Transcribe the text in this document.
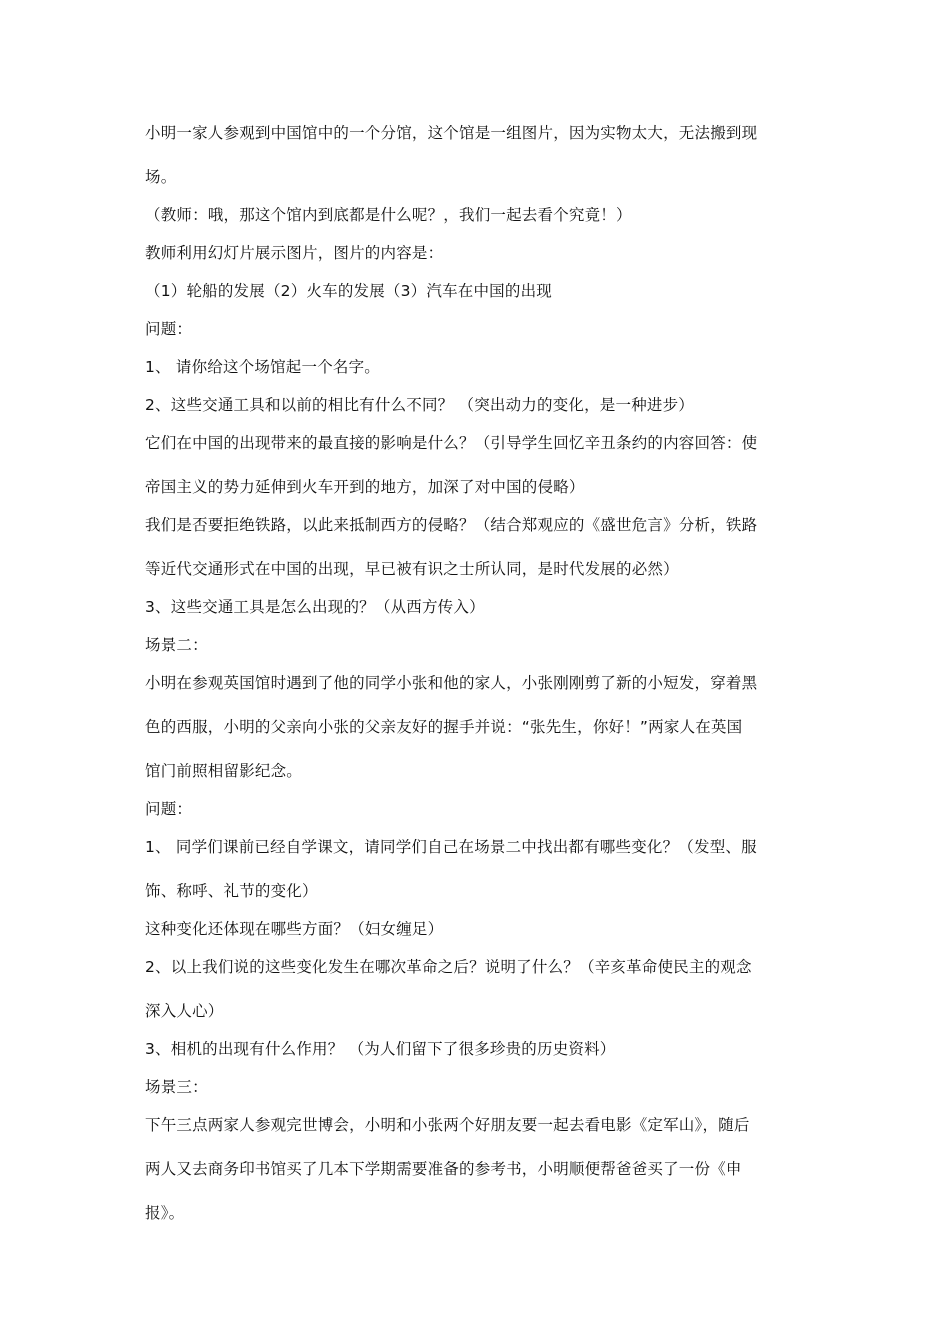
小明一家人参观到中国馆中的一个分馆，这个馆是一组图片，因为实物太大，无法搬到现
场。
（教师：哦，那这个馆内到底都是什么呢？，我们一起去看个究竟！）
教师利用幻灯片展示图片，图片的内容是：
（1）轮船的发展（2）火车的发展（3）汽车在中国的出现
问题：
1、 请你给这个场馆起一个名字。
2、这些交通工具和以前的相比有什么不同？ （突出动力的变化，是一种进步）
它们在中国的出现带来的最直接的影响是什么？（引导学生回忆辛丑条约的内容回答：使
帝国主义的势力延伸到火车开到的地方，加深了对中国的侵略）
我们是否要拒绝铁路，以此来抵制西方的侵略？（结合郑观应的《盛世危言》分析，铁路
等近代交通形式在中国的出现，早已被有识之士所认同，是时代发展的必然）
3、这些交通工具是怎么出现的？（从西方传入）
场景二：
小明在参观英国馆时遇到了他的同学小张和他的家人，小张刚刚剪了新的小短发，穿着黑
色的西服，小明的父亲向小张的父亲友好的握手并说：“张先生，你好！”两家人在英国
馆门前照相留影纪念。
问题：
1、 同学们课前已经自学课文，请同学们自己在场景二中找出都有哪些变化？（发型、服
饰、称呼、礼节的变化）
这种变化还体现在哪些方面？（妇女缠足）
2、以上我们说的这些变化发生在哪次革命之后？说明了什么？（辛亥革命使民主的观念
深入人心）
3、相机的出现有什么作用？ （为人们留下了很多珍贵的历史资料）
场景三：
下午三点两家人参观完世博会，小明和小张两个好朋友要一起去看电影《定军山》，随后
两人又去商务印书馆买了几本下学期需要准备的参考书，小明顺便帮爸爸买了一份《申
报》。
